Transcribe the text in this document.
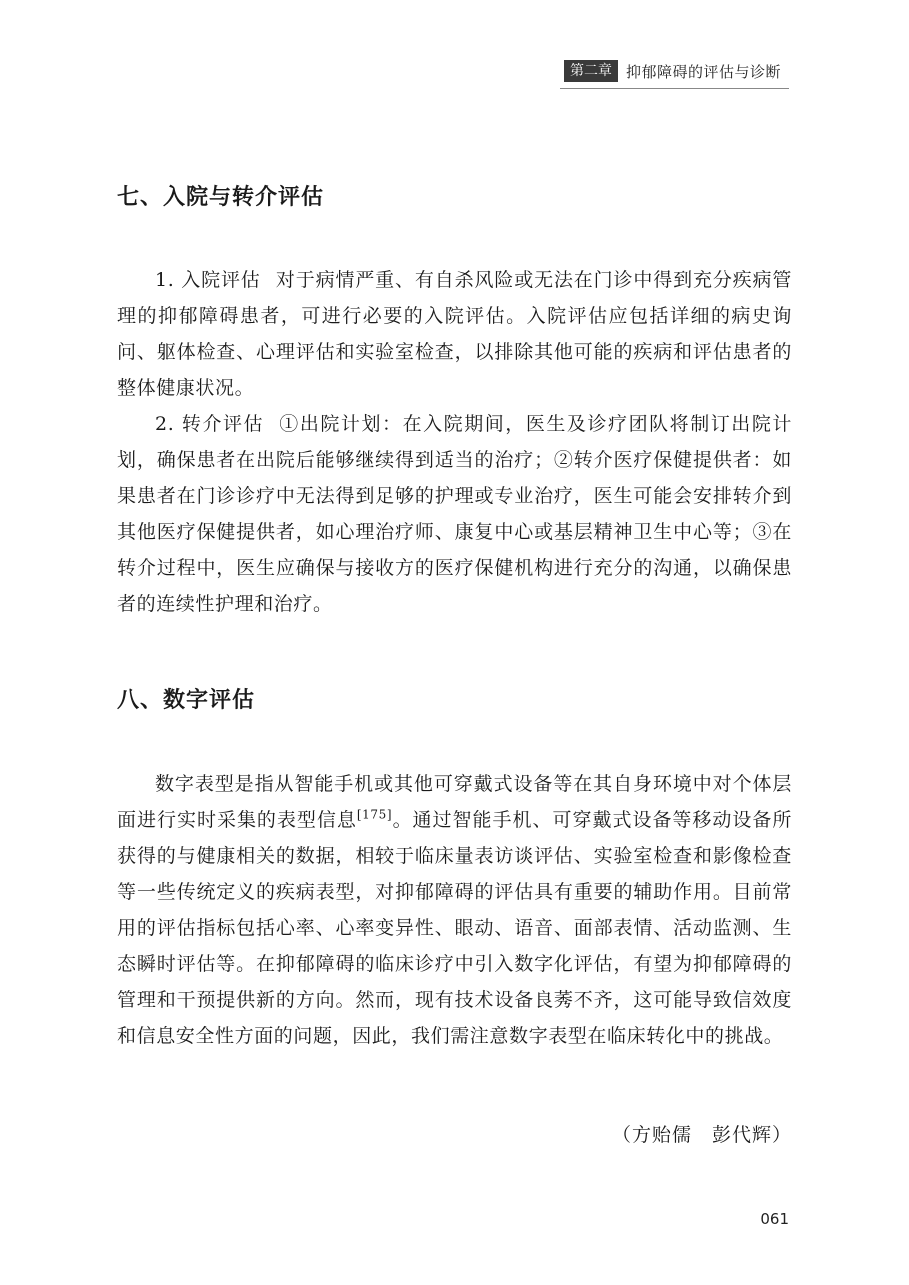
第二章 抑郁障碍的评估与诊断
七、入院与转介评估

1. 入院评估 对于病情严重、有自杀风险或无法在门诊中得到充分疾病管理的抑郁障碍患者，可进行必要的入院评估。入院评估应包括详细的病史询问、躯体检查、心理评估和实验室检查，以排除其他可能的疾病和评估患者的整体健康状况。

2. 转介评估 ①出院计划：在入院期间，医生及诊疗团队将制订出院计划，确保患者在出院后能够继续得到适当的治疗；②转介医疗保健提供者：如果患者在门诊诊疗中无法得到足够的护理或专业治疗，医生可能会安排转介到其他医疗保健提供者，如心理治疗师、康复中心或基层精神卫生中心等；③在转介过程中，医生应确保与接收方的医疗保健机构进行充分的沟通，以确保患者的连续性护理和治疗。

八、数字评估

数字表型是指从智能手机或其他可穿戴式设备等在其自身环境中对个体层面进行实时采集的表型信息[175]。通过智能手机、可穿戴式设备等移动设备所获得的与健康相关的数据，相较于临床量表访谈评估、实验室检查和影像检查等一些传统定义的疾病表型，对抑郁障碍的评估具有重要的辅助作用。目前常用的评估指标包括心率、心率变异性、眼动、语音、面部表情、活动监测、生态瞬时评估等。在抑郁障碍的临床诊疗中引入数字化评估，有望为抑郁障碍的管理和干预提供新的方向。然而，现有技术设备良莠不齐，这可能导致信效度和信息安全性方面的问题，因此，我们需注意数字表型在临床转化中的挑战。

（方贻儒　彭代辉）
061
